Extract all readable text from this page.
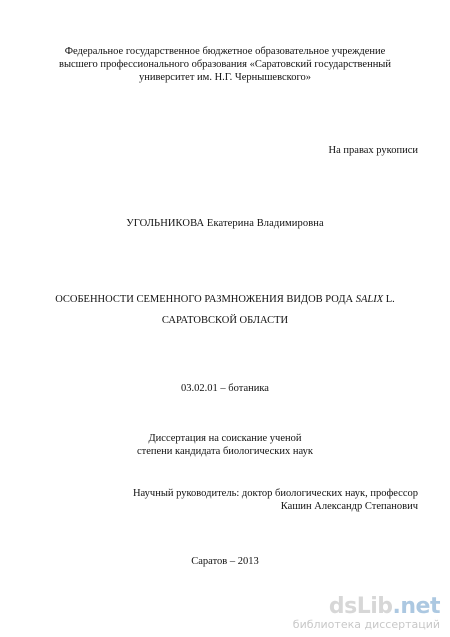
Федеральное государственное бюджетное образовательное учреждение
высшего профессионального образования «Саратовский государственный
университет им. Н.Г. Чернышевского»
На правах рукописи
УГОЛЬНИКОВА Екатерина Владимировна
ОСОБЕННОСТИ СЕМЕННОГО РАЗМНОЖЕНИЯ ВИДОВ РОДА SALIX L.
САРАТОВСКОЙ ОБЛАСТИ
03.02.01 – ботаника
Диссертация на соискание ученой
степени кандидата биологических наук
Научный руководитель: доктор биологических наук, профессор
Кашин Александр Степанович
Саратов – 2013
dsLib.net
библиотека диссертаций
